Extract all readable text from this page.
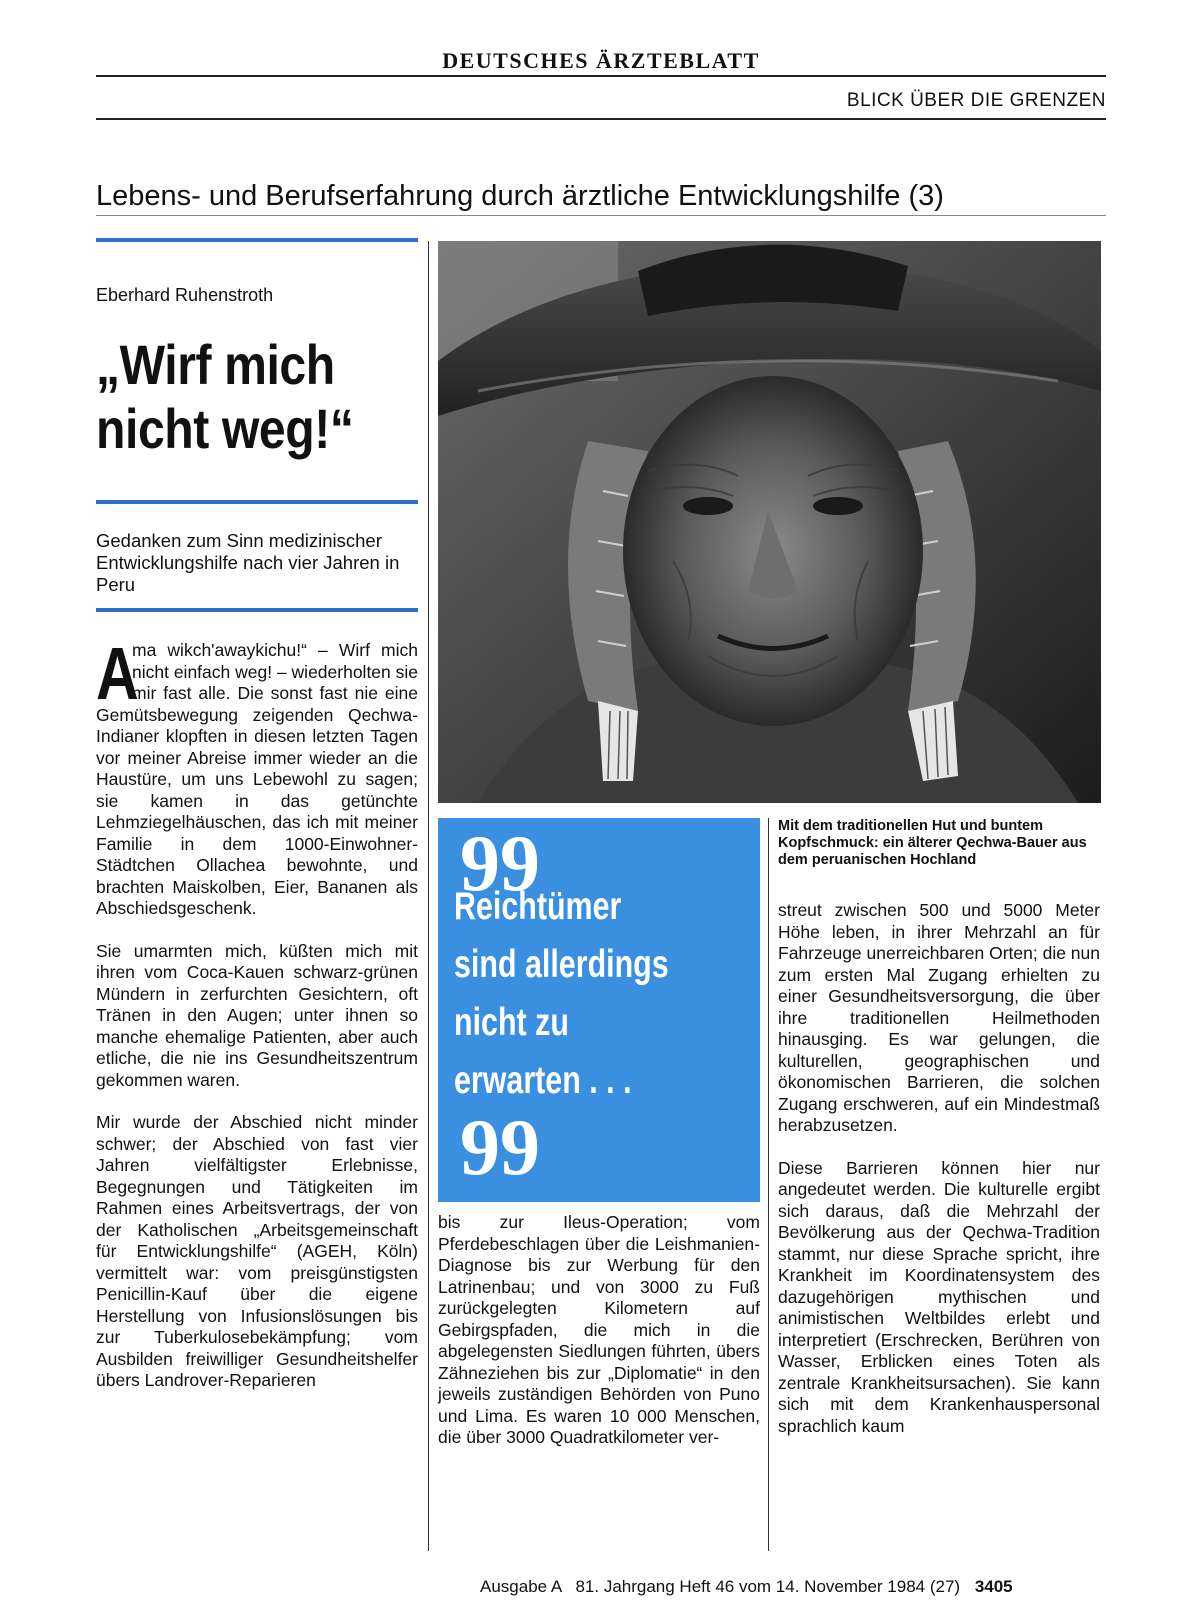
DEUTSCHES ÄRZTEBLATT
BLICK ÜBER DIE GRENZEN
Lebens- und Berufserfahrung durch ärztliche Entwicklungshilfe (3)
Eberhard Ruhenstroth
„Wirf mich
nicht weg!“
Gedanken zum Sinn medizinischer Entwicklungshilfe nach vier Jahren in Peru

A
ma wikch'awaykichu!“ – Wirf mich nicht einfach weg! – wiederholten sie mir fast alle. Die sonst fast nie eine Gemütsbewegung zeigenden Qechwa-Indianer klopften in diesen letzten Tagen vor meiner Abreise immer wieder an die Haustüre, um uns Lebewohl zu sagen; sie kamen in das getünchte Lehmziegelhäuschen, das ich mit meiner Familie in dem 1000-Einwohner-Städtchen Ollachea bewohnte, und brachten Maiskolben, Eier, Bananen als Abschiedsgeschenk.

Sie umarmten mich, küßten mich mit ihren vom Coca-Kauen schwarz-grünen Mündern in zerfurchten Gesichtern, oft Tränen in den Augen; unter ihnen so manche ehemalige Patienten, aber auch etliche, die nie ins Gesundheitszentrum gekommen waren.

Mir wurde der Abschied nicht minder schwer; der Abschied von fast vier Jahren vielfältigster Erlebnisse, Begegnungen und Tätigkeiten im Rahmen eines Arbeitsvertrags, der von der Katholischen „Arbeitsgemeinschaft für Entwicklungshilfe“ (AGEH, Köln) vermittelt war: vom preisgünstigsten Penicillin-Kauf über die eigene Herstellung von Infusionslösungen bis zur Tuberkulosebekämpfung; vom Ausbilden freiwilliger Gesundheitshelfer übers Landrover-Reparieren

Mit dem traditionellen Hut und buntem Kopfschmuck: ein älterer Qechwa-Bauer aus dem peruanischen Hochland
99
Reichtümer
sind allerdings
nicht zu
erwarten . . .
99

bis zur Ileus-Operation; vom Pferdebeschlagen über die Leishmanien-Diagnose bis zur Werbung für den Latrinenbau; und von 3000 zu Fuß zurückgelegten Kilometern auf Gebirgspfaden, die mich in die abgelegensten Siedlungen führten, übers Zähneziehen bis zur „Diplomatie“ in den jeweils zuständigen Behörden von Puno und Lima. Es waren 10 000 Menschen, die über 3000 Quadratkilometer ver-

streut zwischen 500 und 5000 Meter Höhe leben, in ihrer Mehrzahl an für Fahrzeuge unerreichbaren Orten; die nun zum ersten Mal Zugang erhielten zu einer Gesundheitsversorgung, die über ihre traditionellen Heilmethoden hinausging. Es war gelungen, die kulturellen, geographischen und ökonomischen Barrieren, die solchen Zugang erschweren, auf ein Mindestmaß herabzusetzen.

Diese Barrieren können hier nur angedeutet werden. Die kulturelle ergibt sich daraus, daß die Mehrzahl der Bevölkerung aus der Qechwa-Tradition stammt, nur diese Sprache spricht, ihre Krankheit im Koordinatensystem des dazugehörigen mythischen und animistischen Weltbildes erlebt und interpretiert (Erschrecken, Berühren von Wasser, Erblicken eines Toten als zentrale Krankheitsursachen). Sie kann sich mit dem Krankenhauspersonal sprachlich kaum

Ausgabe A   81. Jahrgang Heft 46 vom 14. November 1984 (27) 3405
